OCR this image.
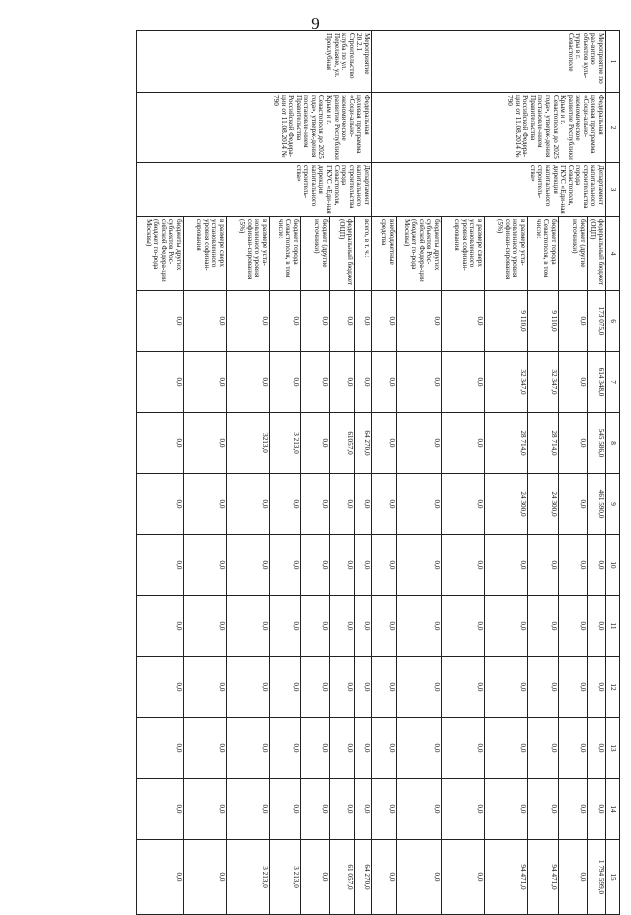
9
1	2	3	4	6	7	8	9	10	11	12	13	14	15
Мероприятие по раз-витию объектов куль-туры в г. Севастополе	Федеральная целевая программа «Соци-ально-экономическое развитие Республики Крым и г. Севастополя до 2025 года», утверж-дения постановле-нием Правительства Российской Федера-ции от 11.08.2014 № 790	Департамент капитального строительства города Севастополя, ГКУС «Еди-ная дирекция капитального строитель-ства»	федеральный бюджет (ОЦП)	173 075,0	614 348,0	545 586,0	461 590,0	0,0	0,0	0,0	0,0	0,0	1 794 599,0
			бюджет (другие источники)	0,0	0,0	0,0	0,0	0,0	0,0	0,0	0,0	0,0	0,0
			бюджет города Севастополя, в том числе:	9 110,0	32 347,0	28 714,0	24 300,0	0,0	0,0	0,0	0,0	0,0	94 471,0
			в размере уста-новленного уровня софинан-сирования (5%)	9 110,0	32 347,0	28 714,0	24 300,0	0,0	0,0	0,0	0,0	0,0	94 471,0
			в размере сверх установленного уровня софинан-сирования	0,0	0,0	0,0	0,0	0,0	0,0	0,0	0,0	0,0	0,0
			бюджеты других субъектов Рос-сийской Федера-ции (бюджет го-рода Москвы)	0,0	0,0	0,0	0,0	0,0	0,0	0,0	0,0	0,0	0,0
			внебюджетные средства	0,0	0,0	0,0	0,0	0,0	0,0	0,0	0,0	0,0	0,0
Мероприятие 20.2.1 Строительство клуба по ул. Перелаяне, ул. Проклубная	Федеральная целевая программа «Соци-ально-экономическое развитие Республики Крым и г. Севастополя до 2025 года», утверж-дения постановле-нием Правительства Российской Федера-ции от 11.08.2014 № 790	Департамент капитального строительства города Севастополя, ГКУС «Еди-ная дирекция капитального строитель-ства»	всего, в т. ч.:	0,0	0,0	64 270,0	0,0	0,0	0,0	0,0	0,0	0,0	64 270,0
			федеральный бюджет (ОЦП)	0,0	0,0	61057,0	0,0	0,0	0,0	0,0	0,0	0,0	61 057,0
			бюджет (другие источники)	0,0	0,0	0,0	0,0	0,0	0,0	0,0	0,0	0,0	0,0
			бюджет города Севастополя, в том числе:	0,0	0,0	3 213,0	0,0	0,0	0,0	0,0	0,0	0,0	3 213,0
			в размере уста-новленного уровня софинан-сирования (5%)	0,0	0,0	3213,0	0,0	0,0	0,0	0,0	0,0	0,0	3 213,0
			в размере сверх установленного уровня софинан-сирования	0,0	0,0	0,0	0,0	0,0	0,0	0,0	0,0	0,0	0,0
			бюджеты других субъектов Рос-сийской Федера-ции (бюджет го-рода Москвы)	0,0	0,0	0,0	0,0	0,0	0,0	0,0	0,0	0,0	0,0
